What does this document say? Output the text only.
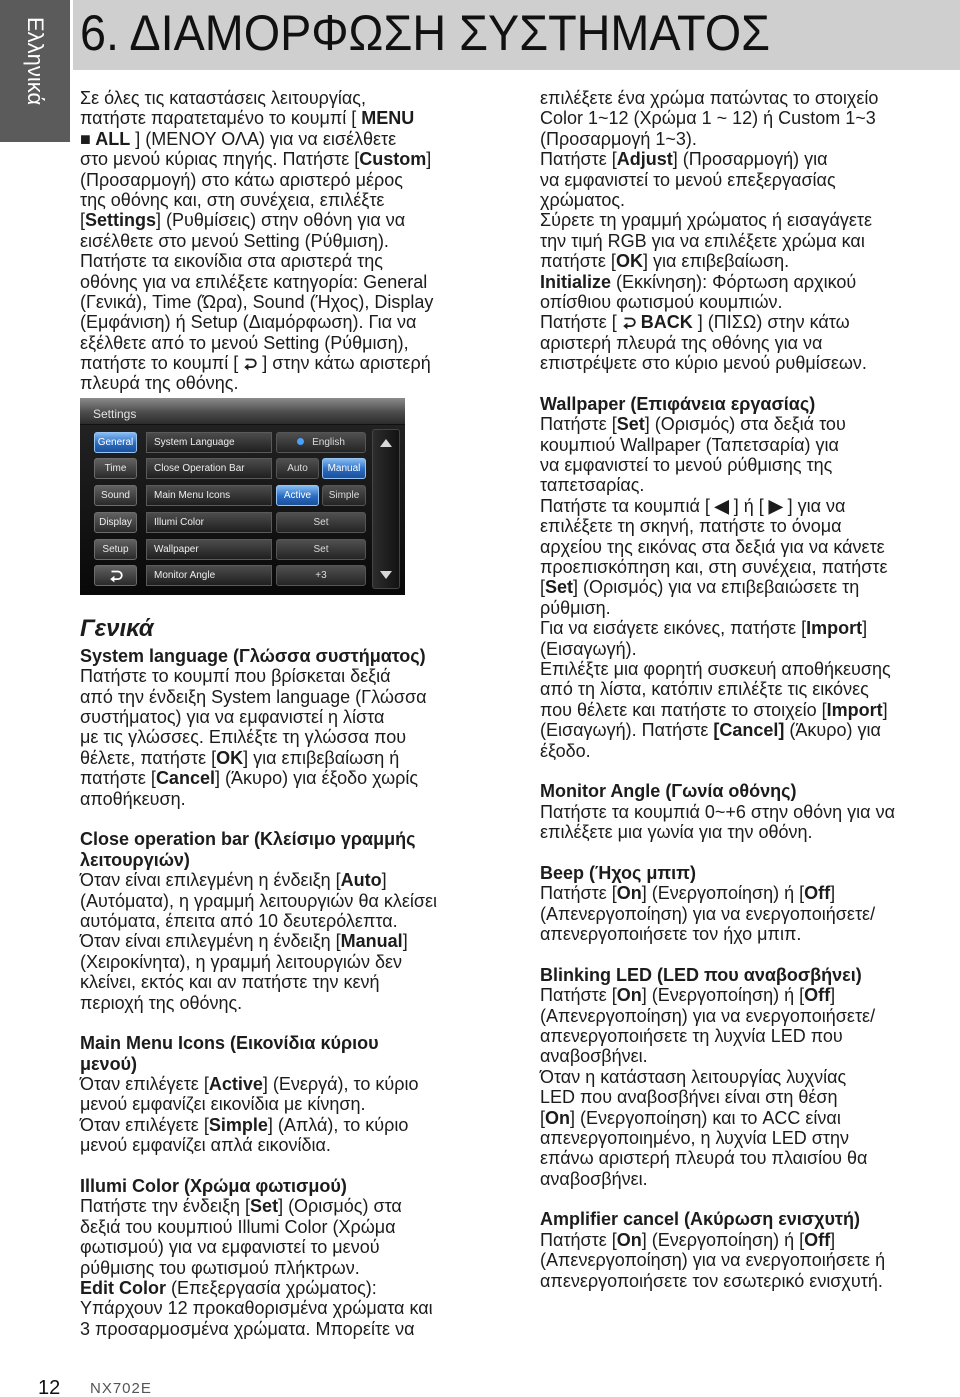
Ελληνικά 6. ΔΙΑΜΟΡΦΩΣΗ ΣΥΣΤΗΜΑΤΟΣ
Σε όλες τις καταστάσεις λειτουργίας,
πατήστε παρατεταμένο το κουμπί [ MENU
■ ALL ] (ΜΕΝΟΥ ΟΛΑ) για να εισέλθετε
στο μενού κύριας πηγής. Πατήστε [Custom]
(Προσαρμογή) στο κάτω αριστερό μέρος
της οθόνης και, στη συνέχεια, επιλέξτε
[Settings] (Ρυθμίσεις) στην οθόνη για να
εισέλθετε στο μενού Setting (Ρύθμιση).
Πατήστε τα εικονίδια στα αριστερά της
οθόνης για να επιλέξετε κατηγορία: General
(Γενικά), Time (Ώρα), Sound (Ήχος), Display
(Εμφάνιση) ή Setup (Διαμόρφωση). Για να
εξέλθετε από το μενού Setting (Ρύθμιση),
πατήστε το κουμπί [  ] στην κάτω αριστερή
πλευρά της οθόνης.
Settings
General
Time
Sound
Display
Setup
System Language	English
Close Operation Bar	Auto	Manual
Main Menu Icons	Active	Simple
Illumi Color	Set
Wallpaper	Set
Monitor Angle	+3
Γενικά
System language (Γλώσσα συστήματος)
Πατήστε το κουμπί που βρίσκεται δεξιά
από την ένδειξη System language (Γλώσσα
συστήματος) για να εμφανιστεί η λίστα
με τις γλώσσες. Επιλέξτε τη γλώσσα που
θέλετε, πατήστε [OK] για επιβεβαίωση ή
πατήστε [Cancel] (Άκυρο) για έξοδο χωρίς
αποθήκευση.
Close operation bar (Κλείσιμο γραμμής
λειτουργιών)
Όταν είναι επιλεγμένη η ένδειξη [Auto]
(Αυτόματα), η γραμμή λειτουργιών θα κλείσει
αυτόματα, έπειτα από 10 δευτερόλεπτα.
Όταν είναι επιλεγμένη η ένδειξη [Manual]
(Χειροκίνητα), η γραμμή λειτουργιών δεν
κλείνει, εκτός και αν πατήστε την κενή
περιοχή της οθόνης.
Main Menu Icons (Εικονίδια κύριου
μενού)
Όταν επιλέγετε [Active] (Ενεργά), το κύριο
μενού εμφανίζει εικονίδια με κίνηση.
Όταν επιλέγετε [Simple] (Απλά), το κύριο
μενού εμφανίζει απλά εικονίδια.
Illumi Color (Χρώμα φωτισμού)
Πατήστε την ένδειξη [Set] (Ορισμός) στα
δεξιά του κουμπιού Illumi Color (Χρώμα
φωτισμού) για να εμφανιστεί το μενού
ρύθμισης του φωτισμού πλήκτρων.
Edit Color (Επεξεργασία χρώματος):
Υπάρχουν 12 προκαθορισμένα χρώματα και
3 προσαρμοσμένα χρώματα. Μπορείτε να
επιλέξετε ένα χρώμα πατώντας το στοιχείο
Color 1~12 (Χρώμα 1 ~ 12) ή Custom 1~3
(Προσαρμογή 1~3).
Πατήστε [Adjust] (Προσαρμογή) για
να εμφανιστεί το μενού επεξεργασίας
χρώματος.
Σύρετε τη γραμμή χρώματος ή εισαγάγετε
την τιμή RGB για να επιλέξετε χρώμα και
πατήστε [OK] για επιβεβαίωση.
Initialize (Εκκίνηση): Φόρτωση αρχικού
οπίσθιου φωτισμού κουμπιών.
Πατήστε [  BACK ] (ΠΙΣΩ) στην κάτω
αριστερή πλευρά της οθόνης για να
επιστρέψετε στο κύριο μενού ρυθμίσεων.
Wallpaper (Επιφάνεια εργασίας)
Πατήστε [Set] (Ορισμός) στα δεξιά του
κουμπιού Wallpaper (Ταπετσαρία) για
να εμφανιστεί το μενού ρύθμισης της
ταπετσαρίας.
Πατήστε τα κουμπιά [ ◀ ] ή [ ▶ ] για να
επιλέξετε τη σκηνή, πατήστε το όνομα
αρχείου της εικόνας στα δεξιά για να κάνετε
προεπισκόπηση και, στη συνέχεια, πατήστε
[Set] (Ορισμός) για να επιβεβαιώσετε τη
ρύθμιση.
Για να εισάγετε εικόνες, πατήστε [Import]
(Εισαγωγή).
Επιλέξτε μια φορητή συσκευή αποθήκευσης
από τη λίστα, κατόπιν επιλέξτε τις εικόνες
που θέλετε και πατήστε το στοιχείο [Import]
(Εισαγωγή). Πατήστε [Cancel] (Άκυρο) για
έξοδο.
Monitor Angle (Γωνία οθόνης)
Πατήστε τα κουμπιά 0~+6 στην οθόνη για να
επιλέξετε μια γωνία για την οθόνη.
Beep (Ήχος μπιπ)
Πατήστε [On] (Ενεργοποίηση) ή [Off]
(Απενεργοποίηση) για να ενεργοποιήσετε/
απενεργοποιήσετε τον ήχο μπιπ.
Blinking LED (LED που αναβοσβήνει)
Πατήστε [On] (Ενεργοποίηση) ή [Off]
(Απενεργοποίηση) για να ενεργοποιήσετε/
απενεργοποιήσετε τη λυχνία LED που
αναβοσβήνει.
Όταν η κατάσταση λειτουργίας λυχνίας
LED που αναβοσβήνει είναι στη θέση
[On] (Ενεργοποίηση) και το ACC είναι
απενεργοποιημένο, η λυχνία LED στην
επάνω αριστερή πλευρά του πλαισίου θα
αναβοσβήνει.
Amplifier cancel (Ακύρωση ενισχυτή)
Πατήστε [On] (Ενεργοποίηση) ή [Off]
(Απενεργοποίηση) για να ενεργοποιήσετε ή
απενεργοποιήσετε τον εσωτερικό ενισχυτή.
12 NX702E
